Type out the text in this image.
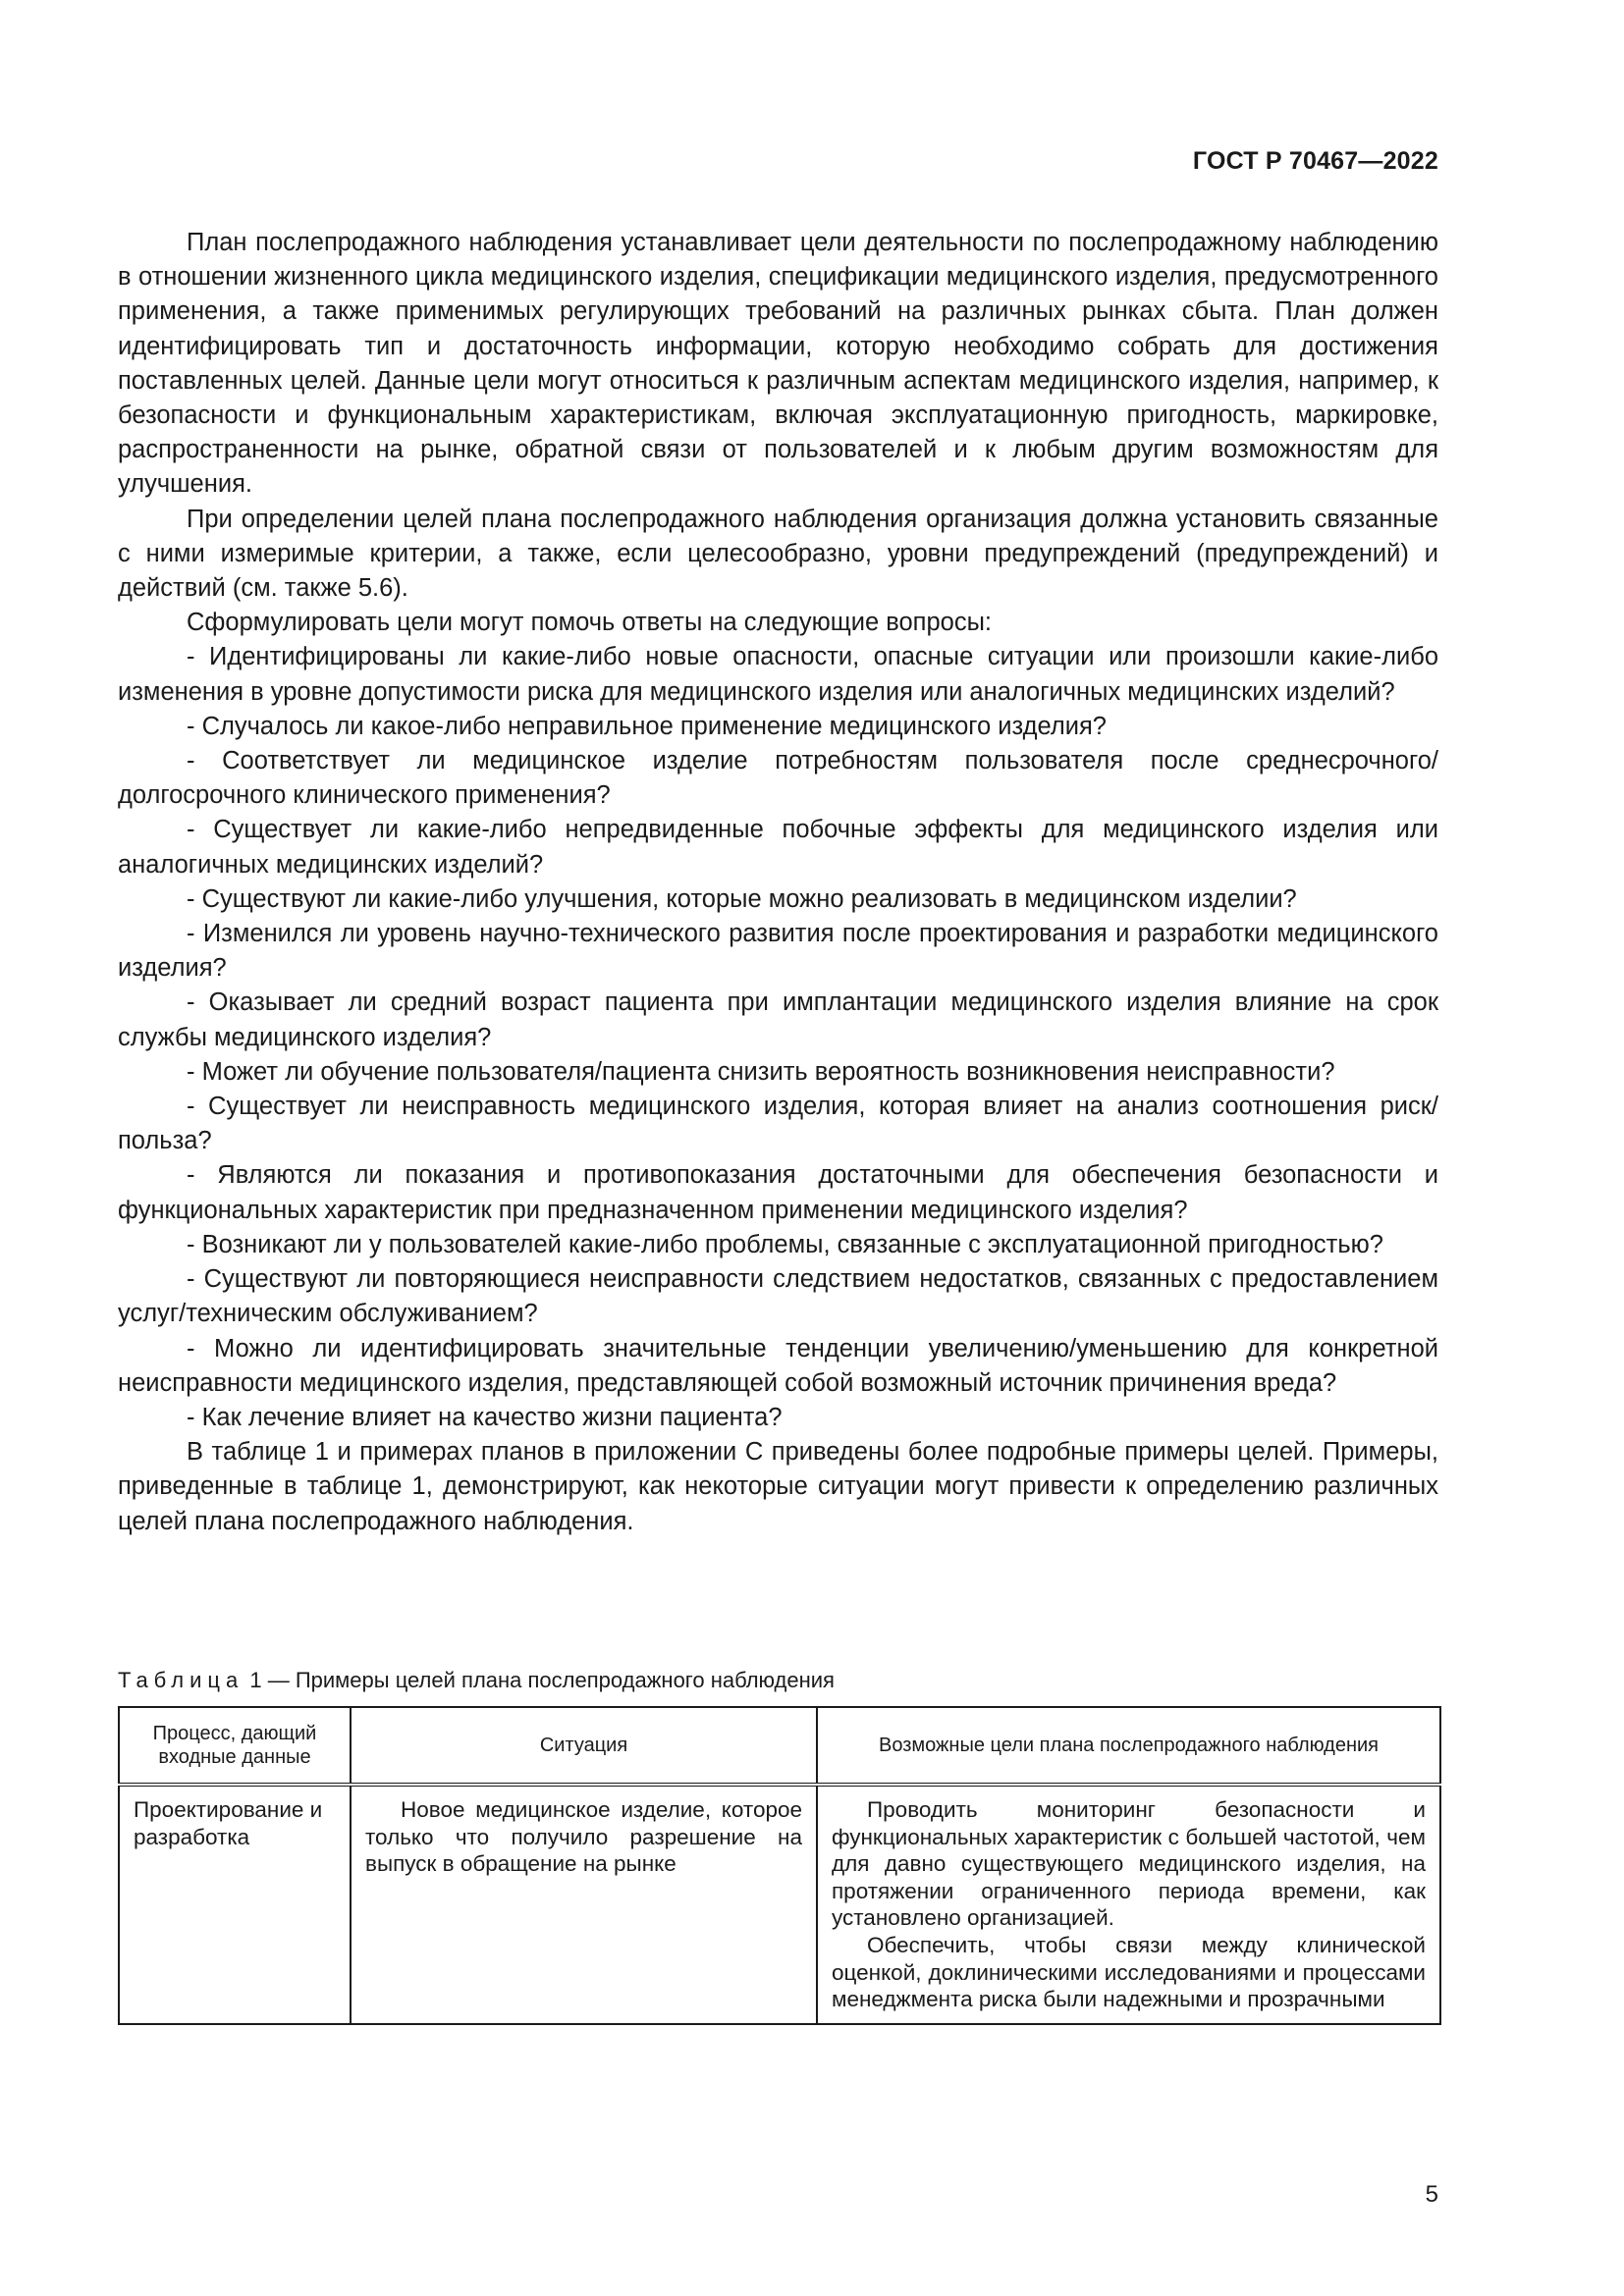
ГОСТ Р 70467—2022

План послепродажного наблюдения устанавливает цели деятельности по послепродажному наблюдению в отношении жизненного цикла медицинского изделия, спецификации медицинского изделия, предусмотренного применения, а также применимых регулирующих требований на различных рынках сбыта. План должен идентифицировать тип и достаточность информации, которую необходимо собрать для достижения поставленных целей. Данные цели могут относиться к различным аспектам медицинского изделия, например, к безопасности и функциональным характеристикам, включая эксплуатационную пригодность, маркировке, распространенности на рынке, обратной связи от пользователей и к любым другим возможностям для улучшения.

При определении целей плана послепродажного наблюдения организация должна установить связанные с ними измеримые критерии, а также, если целесообразно, уровни предупреждений (предупреждений) и действий (см. также 5.6).

Сформулировать цели могут помочь ответы на следующие вопросы:

- Идентифицированы ли какие-либо новые опасности, опасные ситуации или произошли какие-либо изменения в уровне допустимости риска для медицинского изделия или аналогичных медицинских изделий?

- Случалось ли какое-либо неправильное применение медицинского изделия?

- Соответствует ли медицинское изделие потребностям пользователя после среднесрочного/долгосрочного клинического применения?

- Существует ли какие-либо непредвиденные побочные эффекты для медицинского изделия или аналогичных медицинских изделий?

- Существуют ли какие-либо улучшения, которые можно реализовать в медицинском изделии?

- Изменился ли уровень научно-технического развития после проектирования и разработки медицинского изделия?

- Оказывает ли средний возраст пациента при имплантации медицинского изделия влияние на срок службы медицинского изделия?

- Может ли обучение пользователя/пациента снизить вероятность возникновения неисправности?

- Существует ли неисправность медицинского изделия, которая влияет на анализ соотношения риск/польза?

- Являются ли показания и противопоказания достаточными для обеспечения безопасности и функциональных характеристик при предназначенном применении медицинского изделия?

- Возникают ли у пользователей какие-либо проблемы, связанные с эксплуатационной пригодностью?

- Существуют ли повторяющиеся неисправности следствием недостатков, связанных с предоставлением услуг/техническим обслуживанием?

- Можно ли идентифицировать значительные тенденции увеличению/уменьшению для конкретной неисправности медицинского изделия, представляющей собой возможный источник причинения вреда?

- Как лечение влияет на качество жизни пациента?

В таблице 1 и примерах планов в приложении С приведены более подробные примеры целей. Примеры, приведенные в таблице 1, демонстрируют, как некоторые ситуации могут привести к определению различных целей плана послепродажного наблюдения.

Таблица 1 — Примеры целей плана послепродажного наблюдения
Процесс, дающий входные данные	Ситуация	Возможные цели плана послепродажного наблюдения

Проектирование и разработка	Новое медицинское изделие, которое только что получило разрешение на выпуск в обращение на рынке	Проводить мониторинг безопасности и функциональных характеристик с большей частотой, чем для давно существующего медицинского изделия, на протяжении ограниченного периода времени, как установлено организацией.

Обеспечить, чтобы связи между клинической оценкой, доклиническими исследованиями и процессами менеджмента риска были надежными и прозрачными

5
